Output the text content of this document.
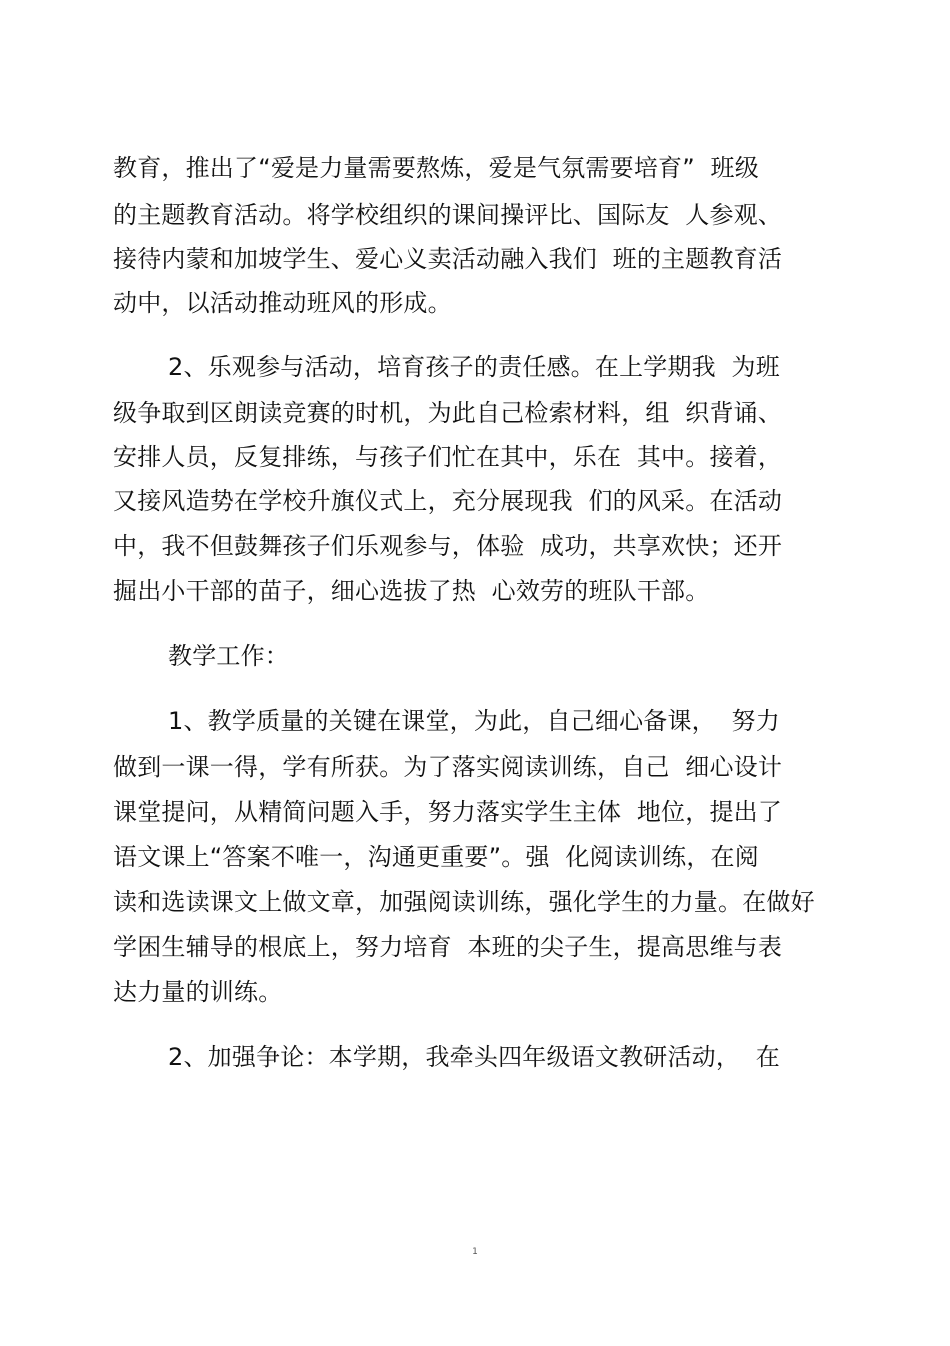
教育，推出了“爱是力量需要熬炼，爱是气氛需要培育”  班级
的主题教育活动。将学校组织的课间操评比、国际友  人参观、
接待内蒙和加坡学生、爱心义卖活动融入我们  班的主题教育活
动中，以活动推动班风的形成。
2、乐观参与活动，培育孩子的责任感。在上学期我  为班
级争取到区朗读竞赛的时机，为此自己检索材料，组  织背诵、
安排人员，反复排练，与孩子们忙在其中，乐在  其中。接着，
又接风造势在学校升旗仪式上，充分展现我  们的风采。在活动
中，我不但鼓舞孩子们乐观参与，体验  成功，共享欢快；还开
掘出小干部的苗子，细心选拔了热  心效劳的班队干部。
教学工作：
1、教学质量的关键在课堂，为此，自己细心备课，  努力
做到一课一得，学有所获。为了落实阅读训练，自己  细心设计
课堂提问，从精简问题入手，努力落实学生主体  地位，提出了
语文课上“答案不唯一，沟通更重要”。强  化阅读训练，在阅
读和选读课文上做文章，加强阅读训练，强化学生的力量。在做好
学困生辅导的根底上，努力培育  本班的尖子生，提高思维与表
达力量的训练。
2、加强争论：本学期，我牵头四年级语文教研活动，  在
1
